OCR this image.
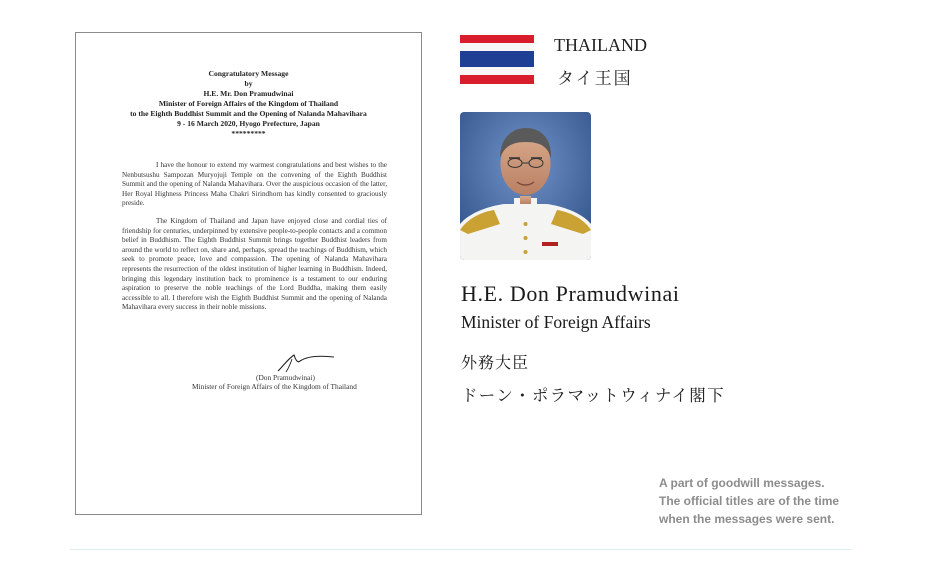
Congratulatory Message
by
H.E. Mr. Don Pramudwinai
Minister of Foreign Affairs of the Kingdom of Thailand
to the Eighth Buddhist Summit and the Opening of Nalanda Mahavihara
9 - 16 March 2020, Hyogo Prefecture, Japan
*********

I have the honour to extend my warmest congratulations and best wishes to the Nenbutsushu Sampozan Muryojuji Temple on the convening of the Eighth Buddhist Summit and the opening of Nalanda Mahavihara. Over the auspicious occasion of the latter, Her Royal Highness Princess Maha Chakri Sirindhorn has kindly consented to graciously preside.

The Kingdom of Thailand and Japan have enjoyed close and cordial ties of friendship for centuries, underpinned by extensive people-to-people contacts and a common belief in Buddhism. The Eighth Buddhist Summit brings together Buddhist leaders from around the world to reflect on, share and, perhaps, spread the teachings of Buddhism, which seek to promote peace, love and compassion. The opening of Nalanda Mahavihara represents the resurrection of the oldest institution of higher learning in Buddhism. Indeed, bringing this legendary institution back to prominence is a testament to our enduring aspiration to preserve the noble teachings of the Lord Buddha, making them easily accessible to all. I therefore wish the Eighth Buddhist Summit and the opening of Nalanda Mahavihara every success in their noble missions.

(Don Pramudwinai)
Minister of Foreign Affairs of the Kingdom of Thailand
THAILAND
タイ王国
H.E. Don Pramudwinai
Minister of Foreign Affairs
外務大臣
ドーン・ポラマットウィナイ閣下
A part of goodwill messages.
The official titles are of the time
when the messages were sent.
